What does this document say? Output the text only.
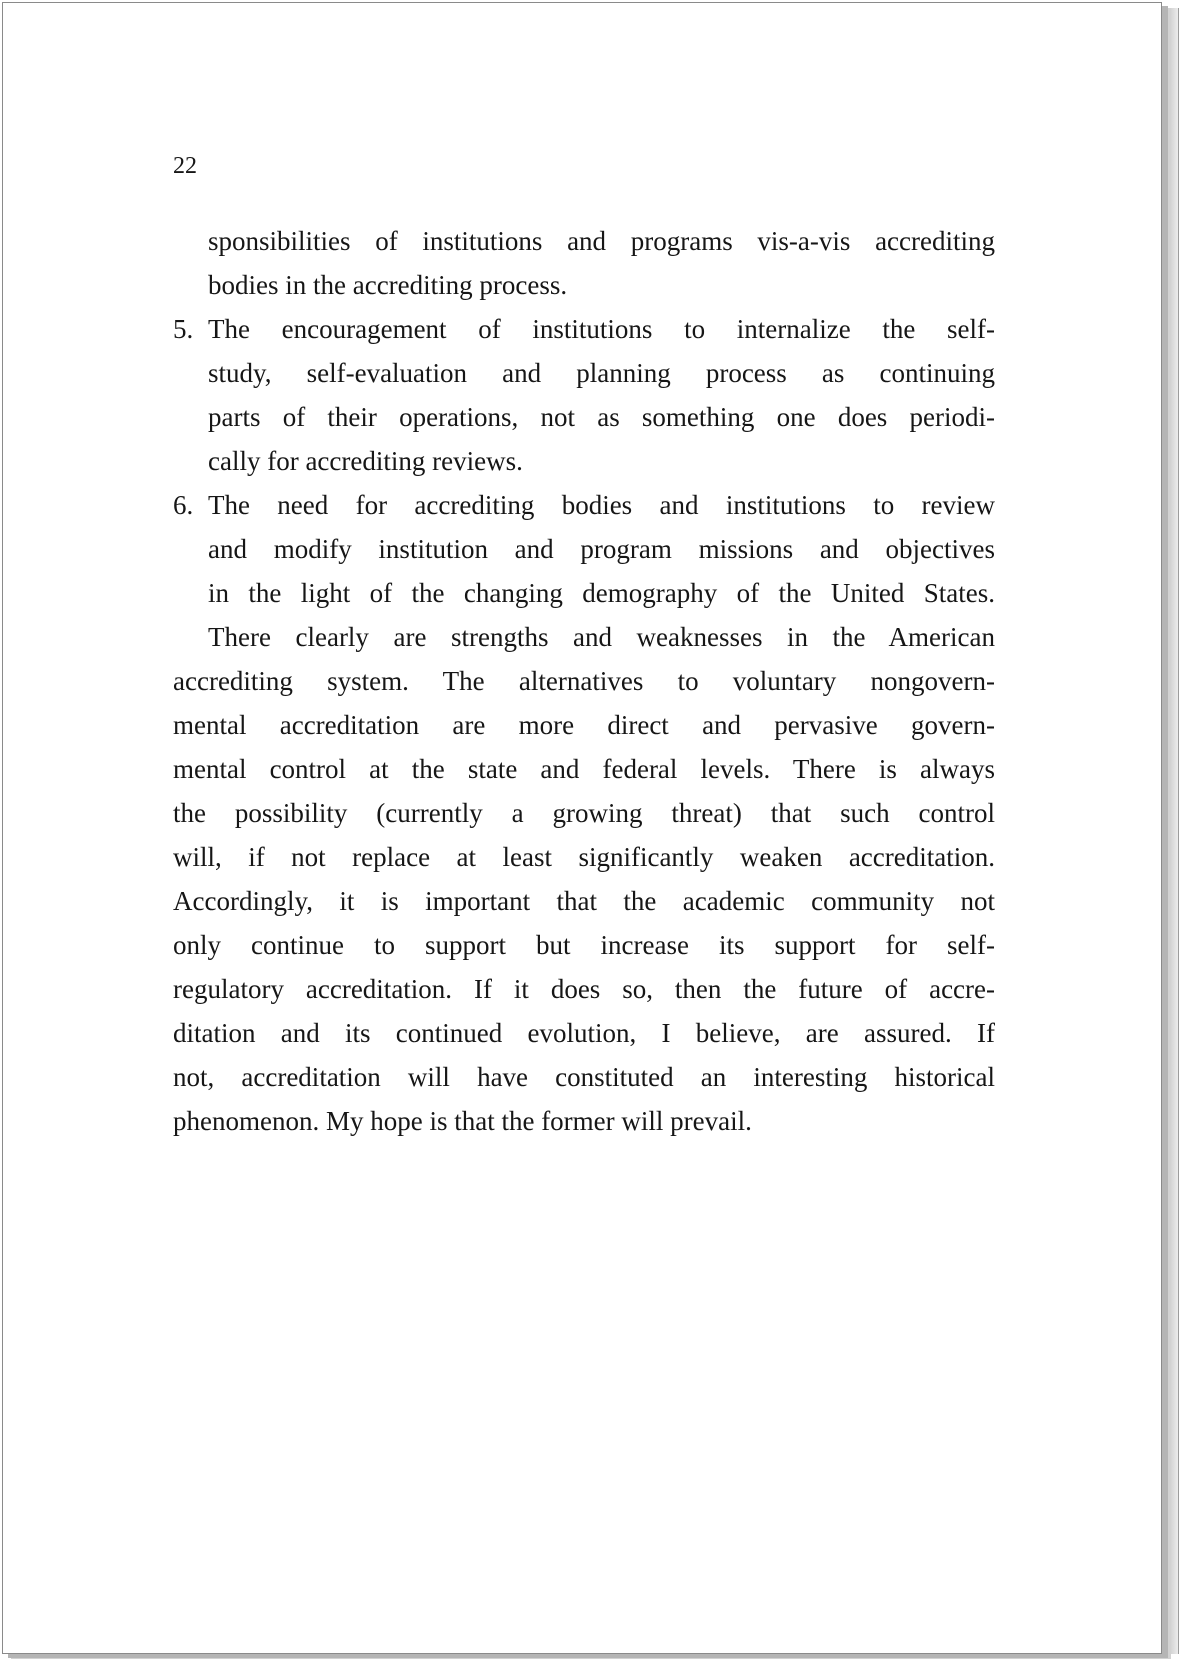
22
sponsibilities of institutions and programs vis-a-vis accrediting
bodies in the accrediting process.
5. The encouragement of institutions to internalize the self-
study, self-evaluation and planning process as continuing
parts of their operations, not as something one does periodi-
cally for accrediting reviews.
6. The need for accrediting bodies and institutions to review
and modify institution and program missions and objectives
in the light of the changing demography of the United States.
There clearly are strengths and weaknesses in the American
accrediting system. The alternatives to voluntary nongovern-
mental accreditation are more direct and pervasive govern-
mental control at the state and federal levels. There is always
the possibility (currently a growing threat) that such control
will, if not replace at least significantly weaken accreditation.
Accordingly, it is important that the academic community not
only continue to support but increase its support for self-
regulatory accreditation. If it does so, then the future of accre-
ditation and its continued evolution, I believe, are assured. If
not, accreditation will have constituted an interesting historical
phenomenon. My hope is that the former will prevail.
